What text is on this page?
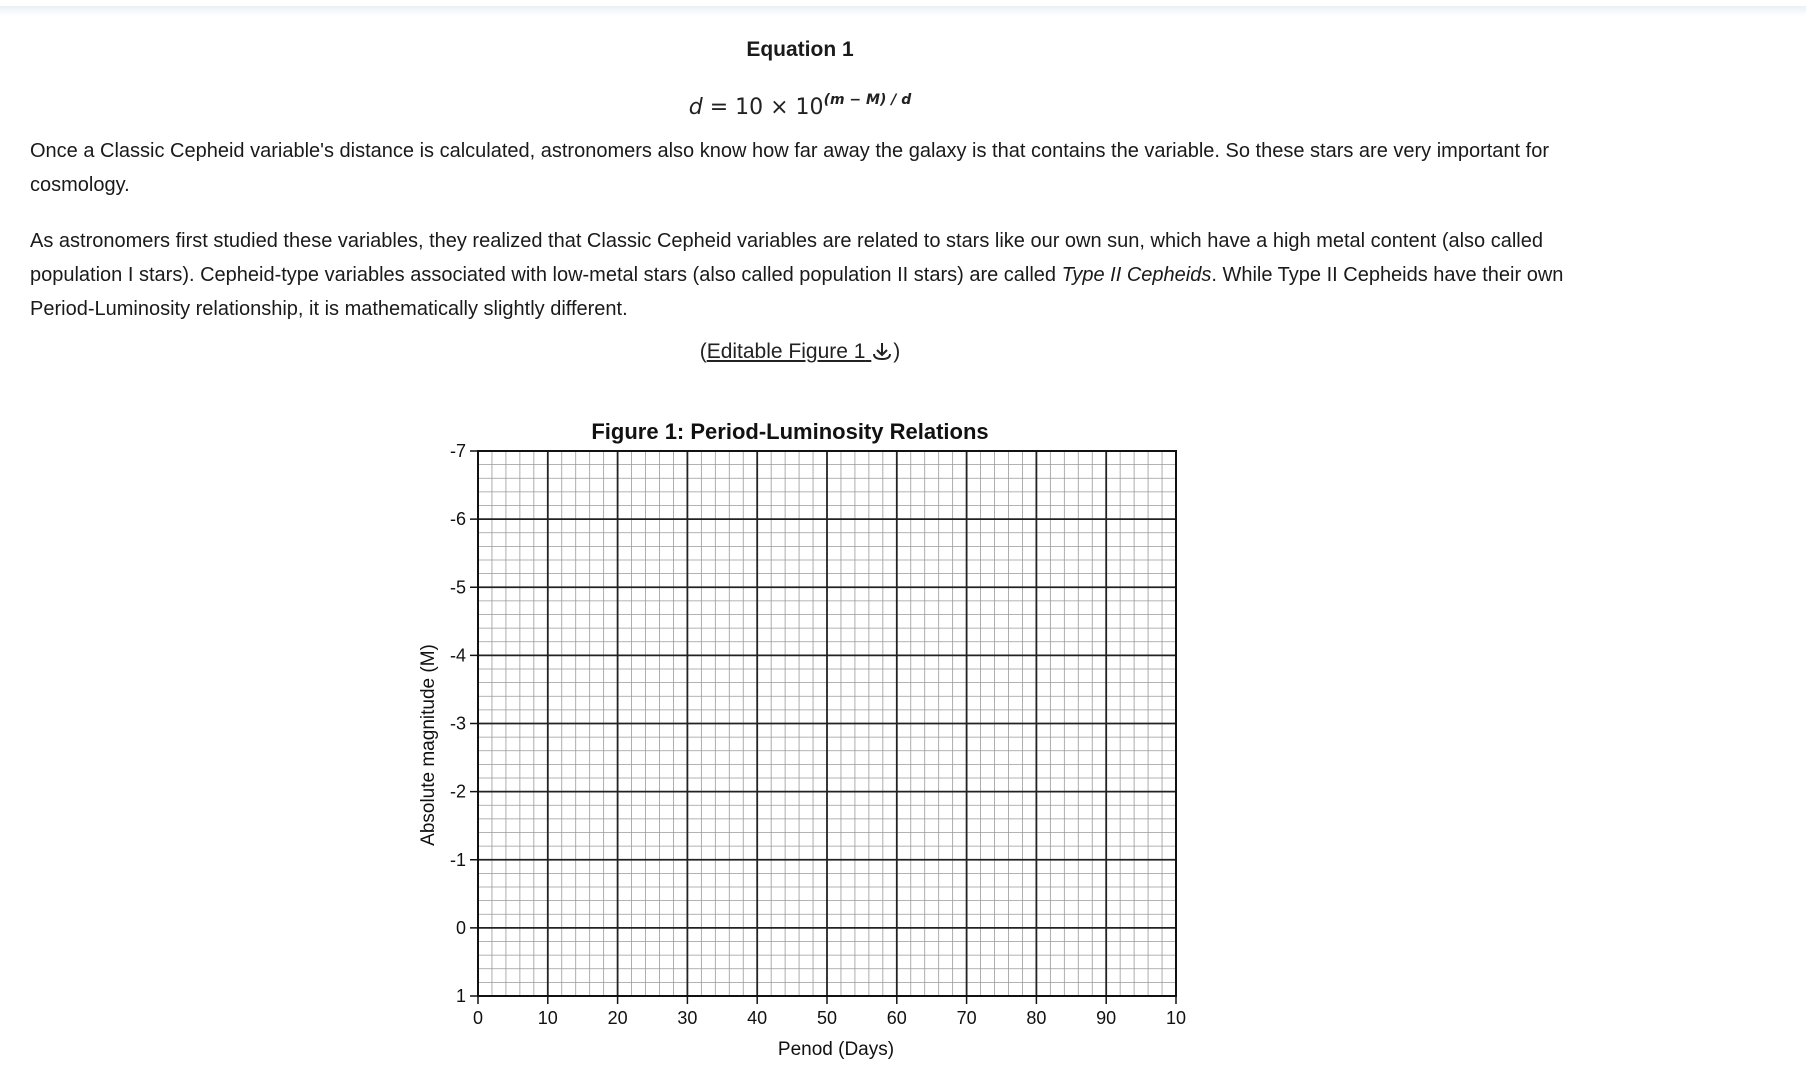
Equation 1
$d = 10 \times 10^{(m - M) / d}$

Once a Classic Cepheid variable's distance is calculated, astronomers also know how far away the galaxy is that contains the variable. So these stars are very important for cosmology.

As astronomers first studied these variables, they realized that Classic Cepheid variables are related to stars like our own sun, which have a high metal content (also called population I stars). Cepheid-type variables associated with low-metal stars (also called population II stars) are called Type II Cepheids. While Type II Cepheids have their own Period-Luminosity relationship, it is mathematically slightly different.

(Editable Figure 1 )
Figure 1: Period-Luminosity Relations
0	10	20	30	40	50	60	70	80	90	10
-7
-6
-5
-4
-3
-2
-1
0
1
Penod (Days)
Absolute magnitude (M)
